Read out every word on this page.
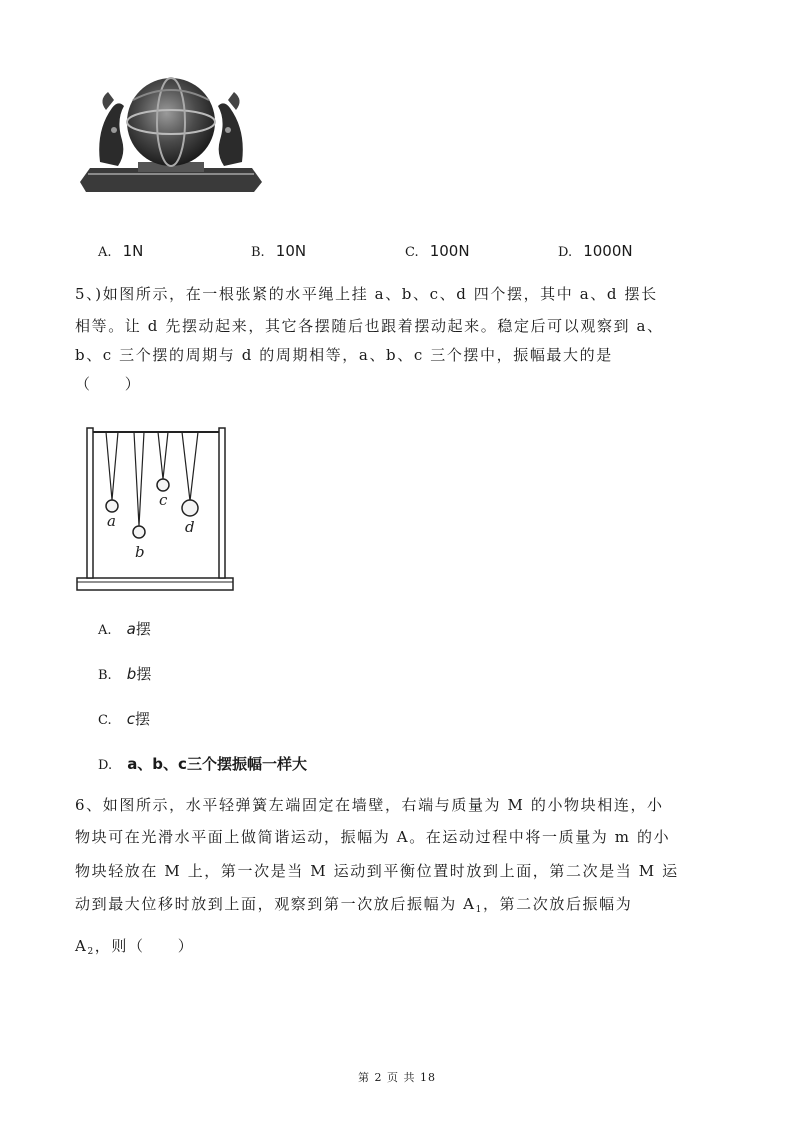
A. 1N	B. 10N	C. 100N	D. 1000N
5、)如图所示，在一根张紧的水平绳上挂 a、b、c、d 四个摆，其中 a、d 摆长
相等。让 d 先摆动起来，其它各摆随后也跟着摆动起来。稳定后可以观察到 a、
b、c 三个摆的周期与 d 的周期相等，a、b、c 三个摆中，振幅最大的是
（　　）
a
b
c
d
A. a摆
B. b摆
C. c摆
D. a、b、c三个摆振幅一样大
6、如图所示，水平轻弹簧左端固定在墙壁，右端与质量为 M 的小物块相连，小
物块可在光滑水平面上做简谐运动，振幅为 A。在运动过程中将一质量为 m 的小
物块轻放在 M 上，第一次是当 M 运动到平衡位置时放到上面，第二次是当 M 运
动到最大位移时放到上面，观察到第一次放后振幅为 $A_1$，第二次放后振幅为
$A_2$，则（　　）
第 2 页 共 18
